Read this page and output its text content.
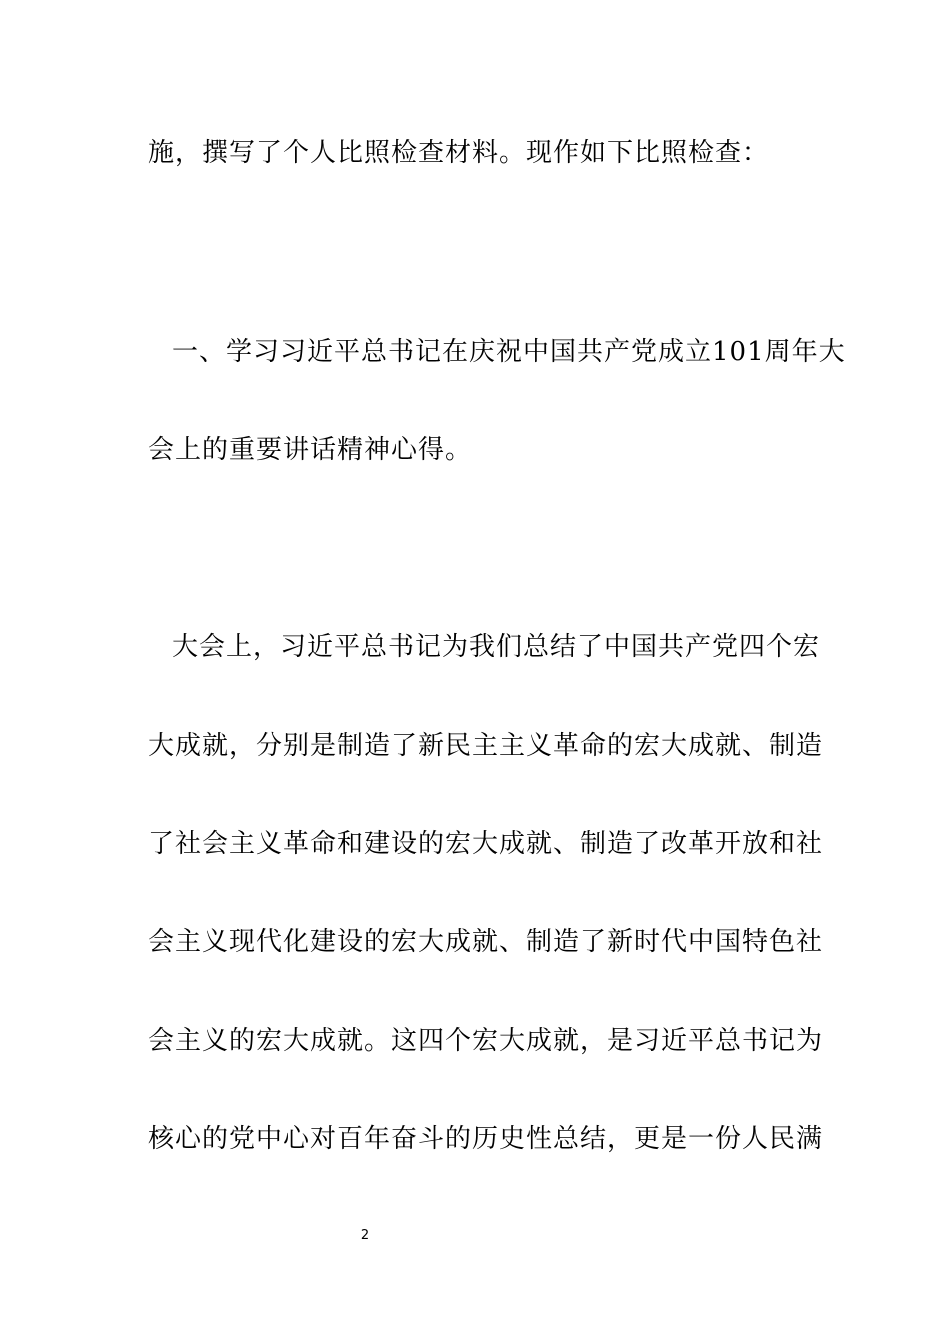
施，撰写了个人比照检查材料。现作如下比照检查：
一、学习习近平总书记在庆祝中国共产党成立101周年大
会上的重要讲话精神心得。
大会上，习近平总书记为我们总结了中国共产党四个宏
大成就，分别是制造了新民主主义革命的宏大成就、制造
了社会主义革命和建设的宏大成就、制造了改革开放和社
会主义现代化建设的宏大成就、制造了新时代中国特色社
会主义的宏大成就。这四个宏大成就，是习近平总书记为
核心的党中心对百年奋斗的历史性总结，更是一份人民满
2
